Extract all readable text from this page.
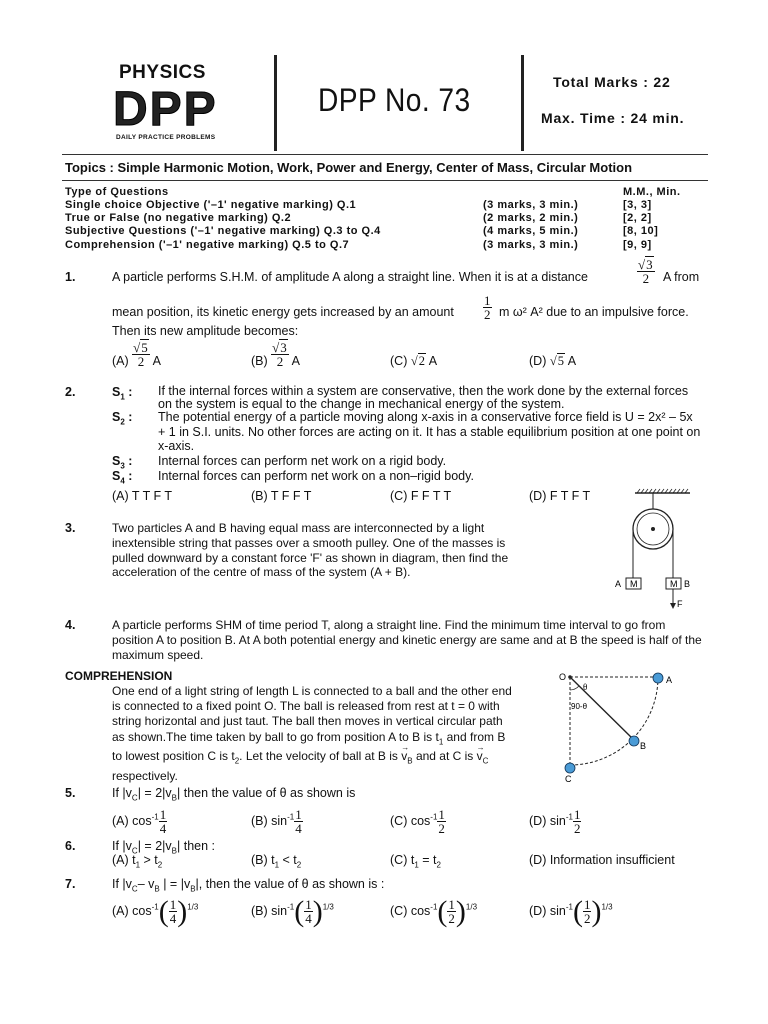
PHYSICS
DPP
DAILY PRACTICE PROBLEMS
DPP No. 73	Total Marks : 22
Max. Time : 24 min.
Topics : Simple Harmonic Motion, Work, Power and Energy, Center of Mass, Circular Motion
Type of Questions	M.M., Min.
Single choice Objective ('–1' negative marking) Q.1	(3 marks, 3 min.)	[3, 3]
True or False (no negative marking) Q.2	(2 marks, 2 min.)	[2, 2]
Subjective Questions ('–1' negative marking) Q.3 to Q.4	(4 marks, 5 min.)	[8, 10]
Comprehension ('–1' negative marking) Q.5 to Q.7	(3 marks, 3 min.)	[9, 9]
1.	A particle performs S.H.M. of amplitude A along a straight line. When it is at a distance	$\frac{√3}{2}$ A from
mean position, its kinetic energy gets increased by an amount $\frac{1}{2}$ m ω² A² due to an impulsive force.
Then its new amplitude becomes:
$(A) \frac{√5}{2}$ A	$(B) \frac{√3}{2}$ A	(C) √2 A	(D) √5 A
2.	$S_1$ : If the internal forces within a system are conservative, then the work done by the external forces on the system is equal to the change in mechanical energy of the system.
$S_2$ : The potential energy of a particle moving along x-axis in a conservative force field is U = 2x² – 5x + 1 in S.I. units. No other forces are acting on it. It has a stable equilibrium position at one point on x-axis.
$S_3$ : Internal forces can perform net work on a rigid body.
$S_4$ : Internal forces can perform net work on a non–rigid body.
(A) T T F T	(B) T F F T	(C) F F T T	(D) F T F T
3.	Two particles A and B having equal mass are interconnected by a light inextensible string that passes over a smooth pulley. One of the masses is pulled downward by a constant force 'F' as shown in diagram, then find the acceleration of the centre of mass of the system (A + B).
M	M
A	B
F
4.	A particle performs SHM of time period T, along a straight line. Find the minimum time interval to go from position A to position B. At A both potential energy and kinetic energy are same and at B the speed is half of the maximum speed.
COMPREHENSION
One end of a light string of length L is connected to a ball and the other end is connected to a fixed point O. The ball is released from rest at t = 0 with string horizontal and just taut. The ball then moves in vertical circular path as shown.The time taken by ball to go from position A to B is $t_1$ and from B to lowest position C is $t_2$. Let the velocity of ball at B is → $v_B$ and at C is → $v_C$ respectively.
O	A
B
C
θ
90-θ
5.	If $|v_C| = 2|v_B|$ then the value of θ as shown is
(A) $\cos^{-1} \frac{1}{4}$	(B) $\sin^{-1} \frac{1}{4}$	(C) $\cos^{-1} \frac{1}{2}$	(D) $\sin^{-1} \frac{1}{2}$
6.	If $|v_C| = 2|v_B|$ then :
(A) $t_1 > t_2$	(B) $t_1 < t_2$	(C) $t_1 = t_2$	(D) Information insufficient
7.	If $|v_C-$ $v_B$ | = $|v_B|$, then the value of θ as shown is :
(A) $\cos^{-1}( \frac{1}{4} )^{1/3}$	(B) $\sin^{-1}( \frac{1}{4} )^{1/3}$	(C) $\cos^{-1}( \frac{1}{2} )^{1/3}$	(D) $\sin^{-1}( \frac{1}{2} )^{1/3}$
